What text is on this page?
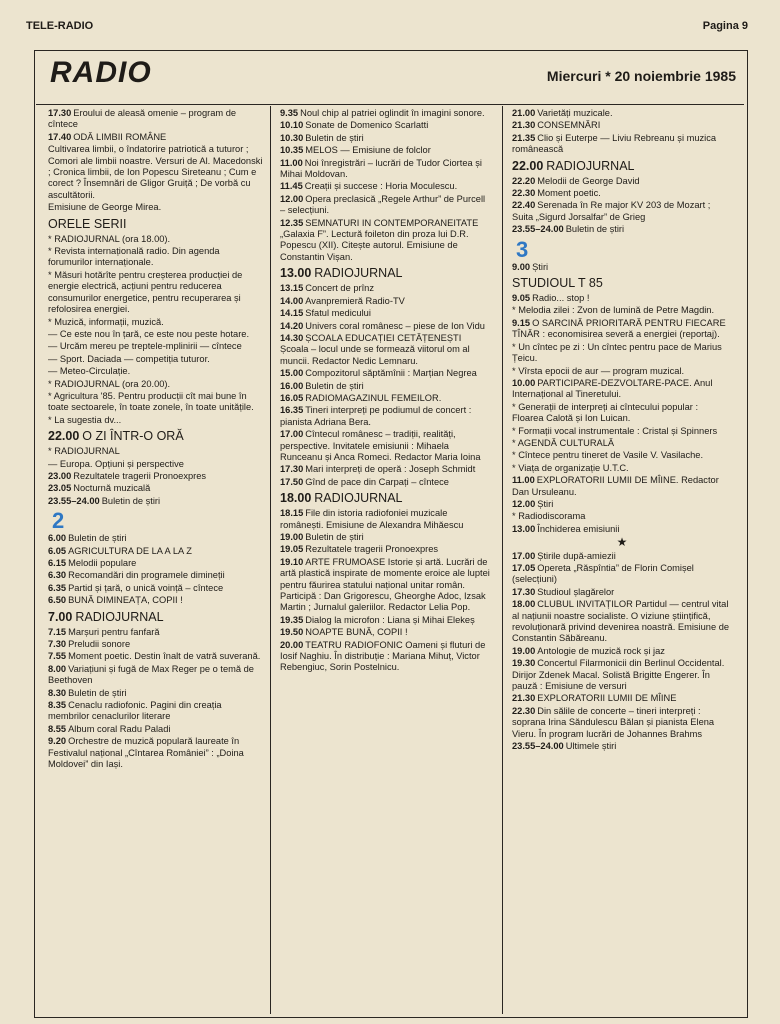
TELE-RADIO	Pagina 9
RADIO	Miercuri * 20 noiembrie 1985
17.30 Eroului de aleasă omenie – program de cîntece
17.40 ODĂ LIMBII ROMÂNE
Cultivarea limbii, o îndatorire patriotică a tuturor ; Comori ale limbii noastre. Versuri de Al. Macedonski ; Cronica limbii, de Ion Popescu Sireteanu ; Cum e corect ? Însemnări de Gligor Gruiță ; De vorbă cu ascultătorii.
Emisiune de George Mirea.
ORELE SERII
* RADIOJURNAL (ora 18.00).
* Revista internațională radio. Din agenda forumurilor internaționale.
* Măsuri hotărîte pentru creșterea producției de energie electrică, acțiuni pentru reducerea consumurilor energetice, pentru recuperarea și refolosirea energiei.
* Muzică, informații, muzică.
— Ce este nou în țară, ce este nou peste hotare.
— Urcăm mereu pe treptele-mplinirii — cîntece
— Sport. Daciada — competiția tuturor.
— Meteo-Circulație.
* RADIOJURNAL (ora 20.00).
* Agricultura '85. Pentru producții cît mai bune în toate sectoarele, în toate zonele, în toate unitățile.
* La sugestia dv...
22.00 O ZI ÎNTR-O ORĂ
* RADIOJURNAL
— Europa. Opțiuni și perspective
23.00 Rezultatele tragerii Pronoexpres
23.05 Nocturnă muzicală
23.55–24.00 Buletin de știri
2
6.00 Buletin de știri
6.05 AGRICULTURA DE LA A LA Z
6.15 Melodii populare
6.30 Recomandări din programele dimineții
6.35 Partid și țară, o unică voință – cîntece
6.50 BUNĂ DIMINEAȚA, COPII !
7.00 RADIOJURNAL
7.15 Marșuri pentru fanfară
7.30 Preludii sonore
7.55 Moment poetic. Destin înalt de vatră suverană.
8.00 Variațiuni și fugă de Max Reger pe o temă de Beethoven
8.30 Buletin de știri
8.35 Cenaclu radiofonic. Pagini din creația membrilor cenaclurilor literare
8.55 Album coral Radu Paladi
9.20 Orchestre de muzică populară laureate în Festivalul național „Cîntarea României” : „Doina Moldovei” din Iași.
9.35 Noul chip al patriei oglindit în imagini sonore.
10.10 Sonate de Domenico Scarlatti
10.30 Buletin de știri
10.35 MELOS — Emisiune de folclor
11.00 Noi înregistrări – lucrări de Tudor Ciortea și Mihai Moldovan.
11.45 Creații și succese : Horia Moculescu.
12.00 Opera preclasică „Regele Arthur” de Purcell – selecțiuni.
12.35 SEMNATURI IN CONTEMPORANEITATE „Galaxia F”. Lectură foileton din proza lui D.R. Popescu (XII). Citește autorul. Emisiune de Constantin Vișan.
13.00 RADIOJURNAL
13.15 Concert de prînz
14.00 Avanpremieră Radio-TV
14.15 Sfatul medicului
14.20 Univers coral românesc – piese de Ion Vidu
14.30 ȘCOALA EDUCAȚIEI CETĂȚENEȘTI Școala – locul unde se formează viitorul om al muncii. Redactor Nedic Lemnaru.
15.00 Compozitorul săptămînii : Marțian Negrea
16.00 Buletin de știri
16.05 RADIOMAGAZINUL FEMEILOR.
16.35 Tineri interpreți pe podiumul de concert : pianista Adriana Bera.
17.00 Cîntecul românesc – tradiții, realități, perspective. Invitatele emisiunii : Mihaela Runceanu și Anca Romeci. Redactor Maria Ioina
17.30 Mari interpreți de operă : Joseph Schmidt
17.50 Gînd de pace din Carpați – cîntece
18.00 RADIOJURNAL
18.15 File din istoria radiofoniei muzicale românești. Emisiune de Alexandra Mihăescu
19.00 Buletin de știri
19.05 Rezultatele tragerii Pronoexpres
19.10 ARTE FRUMOASE Istorie și artă. Lucrări de artă plastică inspirate de momente eroice ale luptei pentru făurirea statului național unitar român. Participă : Dan Grigorescu, Gheorghe Adoc, Izsak Martin ; Jurnalul galeriilor. Redactor Lelia Pop.
19.35 Dialog la microfon : Liana și Mihai Elekeș
19.50 NOAPTE BUNĂ, COPII !
20.00 TEATRU RADIOFONIC Oameni și fluturi de Iosif Naghiu. În distribuție : Mariana Mihuț, Victor Rebengiuc, Sorin Postelnicu.
21.00 Varietăți muzicale.
21.30 CONSEMNĂRI
21.35 Clio și Euterpe — Liviu Rebreanu și muzica românească
22.00 RADIOJURNAL
22.20 Melodii de George David
22.30 Moment poetic.
22.40 Serenada în Re major KV 203 de Mozart ; Suita „Sigurd Jorsalfar” de Grieg
23.55–24.00 Buletin de știri
3
9.00 Știri
STUDIOUL T 85
9.05 Radio... stop !
* Melodia zilei : Zvon de lumină de Petre Magdin.
9.15 O SARCINĂ PRIORITARĂ PENTRU FIECARE TÎNĂR : economisirea severă a energiei (reportaj).
* Un cîntec pe zi : Un cîntec pentru pace de Marius Țeicu.
* Vîrsta epocii de aur — program muzical.
10.00 PARTICIPARE-DEZVOLTARE-PACE. Anul Internațional al Tineretului.
* Generații de interpreți ai cîntecului popular : Floarea Calotă și Ion Luican.
* Formații vocal instrumentale : Cristal și Spinners
* AGENDĂ CULTURALĂ
* Cîntece pentru tineret de Vasile V. Vasilache.
* Viața de organizație U.T.C.
11.00 EXPLORATORII LUMII DE MÎINE. Redactor Dan Ursuleanu.
12.00 Știri
* Radiodiscorama
13.00 Închiderea emisiunii
★
17.00 Știrile după-amiezii
17.05 Opereta „Răspîntia” de Florin Comișel (selecțiuni)
17.30 Studioul șlagărelor
18.00 CLUBUL INVITAȚILOR Partidul — centrul vital al națiunii noastre socialiste. O viziune științifică, revoluționară privind devenirea noastră. Emisiune de Constantin Săbăreanu.
19.00 Antologie de muzică rock și jaz
19.30 Concertul Filarmonicii din Berlinul Occidental. Dirijor Zdenek Macal. Solistă Brigitte Engerer. În pauză : Emisiune de versuri
21.30 EXPLORATORII LUMII DE MÎINE
22.30 Din sălile de concerte – tineri interpreți : soprana Irina Săndulescu Bălan și pianista Elena Vieru. În program lucrări de Johannes Brahms
23.55–24.00 Ultimele știri
